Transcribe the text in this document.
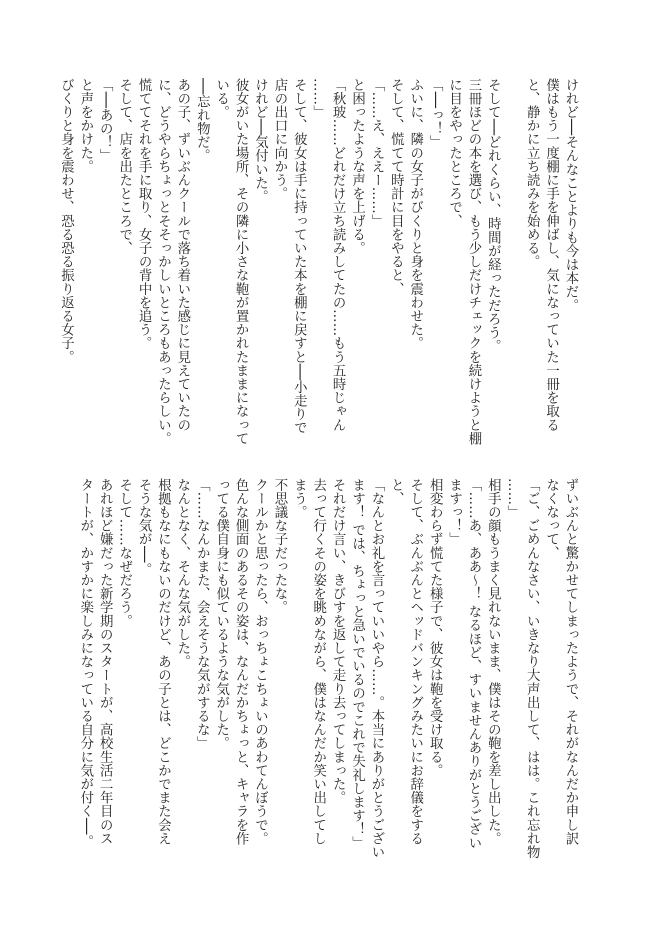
けれど──そんなことよりも今は本だ。
僕はもう一度棚に手を伸ばし、気になっていた一冊を取る
と、静かに立ち読みを始める。

そして──どれくらい、時間が経っただろう。
三冊ほどの本を選び、もう少しだけチェックを続けようと棚
に目をやったところで、
「──っ！」
ふいに、隣の女子がびくりと身を震わせた。
そして、慌てて時計に目をやると、
「……え、ええー……」
と困ったような声を上げる。
「秋玻……どれだけ立ち読みしてたの……もう五時じゃん
……」
そして、彼女は手に持っていた本を棚に戻すと──小走りで
店の出口に向かう。
けれど──気付いた。
彼女がいた場所、その隣に小さな鞄が置かれたままになって
いる。
──忘れ物だ。
あの子、ずいぶんクールで落ち着いた感じに見えていたの
に、どうやらちょっとそそっかしいところもあったらしい。
慌ててそれを手に取り、女子の背中を追う。
そして、店を出たところで、
「──あの！」
と声をかけた。
びくりと身を震わせ、恐る恐る振り返る女子。
ずいぶんと驚かせてしまったようで、それがなんだか申し訳
なくなって、
「ご、ごめんなさい、いきなり大声出して、はは。これ忘れ物
……」
相手の顔もうまく見れないまま、僕はその鞄を差し出した。
「……あ、ああ～！ なるほど、すいませんありがとうござい
ますっ！」
相変わらず慌てた様子で、彼女は鞄を受け取る。
そして、ぶんぶんとヘッドバンキングみたいにお辞儀をする
と、
「なんとお礼を言っていいやら……。本当にありがとうござい
ます！ では、ちょっと急いでいるのでこれで失礼します！」
それだけ言い、きびすを返して走り去ってしまった。
去って行くその姿を眺めながら、僕はなんだか笑い出してし
まう。
不思議な子だったな。
クールかと思ったら、おっちょこちょいのあわてんぼうで。
色んな側面のあるその姿は、なんだかちょっと、キャラを作
ってる僕自身にも似ているような気がした。
「……なんかまた、会えそうな気がするな」
なんとなく、そんな気がした。
根拠もなにもないのだけど、あの子とは、どこかでまた会え
そうな気が──。
そして……なぜだろう。
あれほど嫌だった新学期のスタートが、高校生活二年目のス
タートが、かすかに楽しみになっている自分に気が付く──。
